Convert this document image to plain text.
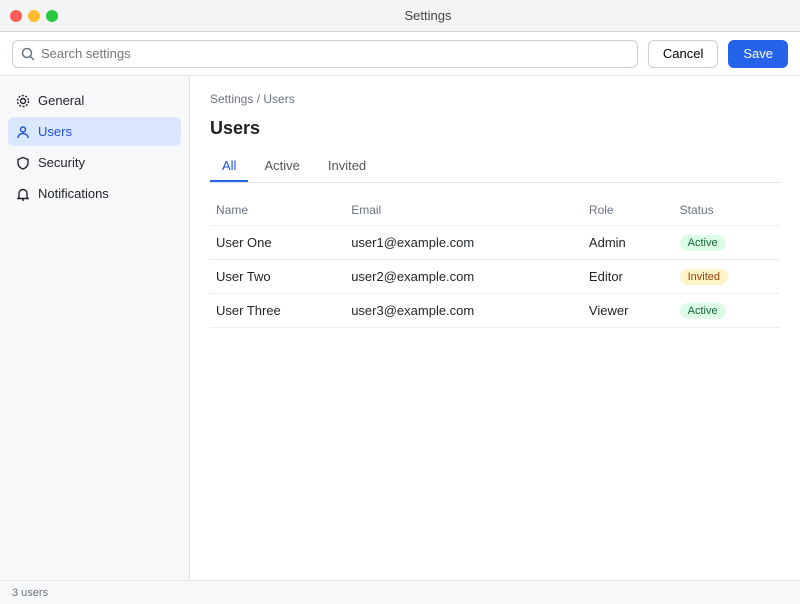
Settings
Search settings
Cancel	Save
General
Users
Security
Notifications
Settings / Users
Users
All	Active	Invited
Name	Email	Role	Status
User One	user1@example.com	Admin	Active
User Two	user2@example.com	Editor	Invited
User Three	user3@example.com	Viewer	Active
3 users
